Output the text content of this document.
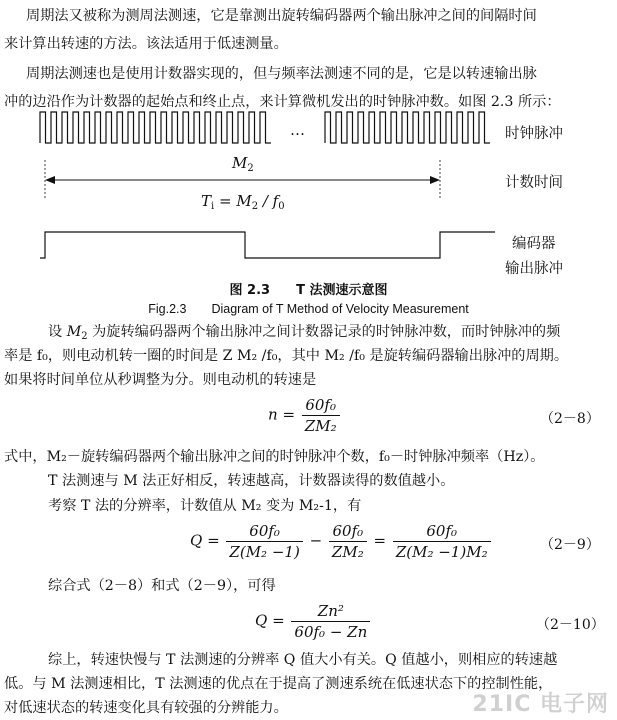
周期法又被称为测周法测速，它是靠测出旋转编码器两个输出脉冲之间的间隔时间
来计算出转速的方法。该法适用于低速测量。
周期法测速也是使用计数器实现的，但与频率法测速不同的是，它是以转速输出脉
冲的边沿作为计数器的起始点和终止点，来计算微机发出的时钟脉冲数。如图 2.3 所示：
…	时钟脉冲
计数时间
编码器
输出脉冲
$M_2$
$T_i = M_2 / f_0$
图 2.3　　T 法测速示意图
Fig.2.3　　Diagram of T Method of Velocity Measurement
设 $M_2$ 为旋转编码器两个输出脉冲之间计数器记录的时钟脉冲数，而时钟脉冲的频
率是 f₀，则电动机转一圈的时间是 Z M₂ /f₀，其中 M₂ /f₀ 是旋转编码器输出脉冲的周期。
如果将时间单位从秒调整为分。则电动机的转速是
$n = \frac{\text{60f₀}}{\text{ZM₂}}$	（2－8）
式中，M₂－旋转编码器两个输出脉冲之间的时钟脉冲个数，f₀－时钟脉冲频率（Hz）。
T 法测速与 M 法正好相反，转速越高，计数器读得的数值越小。
考察 T 法的分辨率，计数值从 M₂ 变为 M₂-1，有
$Q = \frac{\text{60f₀}}{\text{Z(M₂ −1)}} - \frac{\text{60f₀}}{\text{ZM₂}} = \frac{\text{60f₀}}{\text{Z(M₂ −1)M₂}}$	（2－9）
综合式（2－8）和式（2－9），可得
$Q = \frac{\text{Zn²}}{\text{60f₀ − Zn}}$	（2－10）
综上，转速快慢与 T 法测速的分辨率 Q 值大小有关。Q 值越小，则相应的转速越
低。与 M 法测速相比，T 法测速的优点在于提高了测速系统在低速状态下的控制性能，
对低速状态的转速变化具有较强的分辨能力。	21IC 电子网
